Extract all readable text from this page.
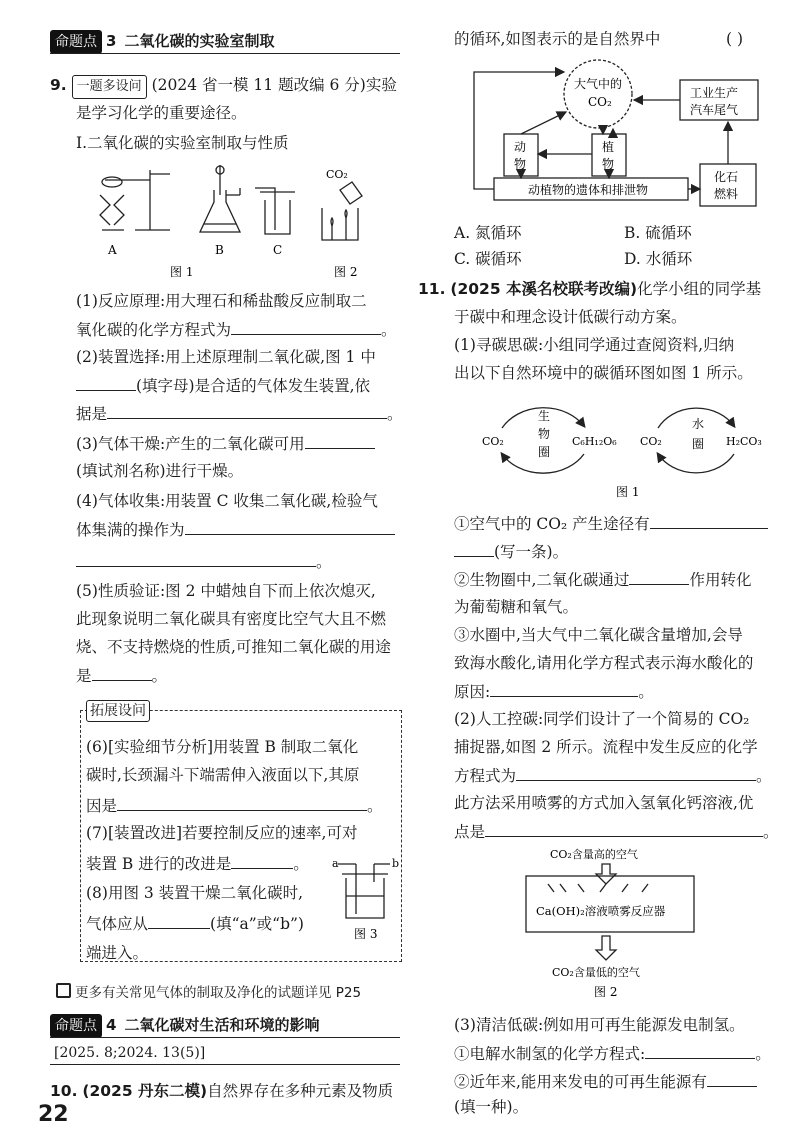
命题点 3 二氧化碳的实验室制取
9. 一题多设问 (2024 省一模 11 题改编 6 分)实验
是学习化学的重要途径。
Ⅰ.二氧化碳的实验室制取与性质
A	B	C
CO₂
图 1	图 2
(1)反应原理:用大理石和稀盐酸反应制取二
氧化碳的化学方程式为	。
(2)装置选择:用上述原理制二氧化碳,图 1 中
(填字母)是合适的气体发生装置,依
据是	。
(3)气体干燥:产生的二氧化碳可用
(填试剂名称)进行干燥。
(4)气体收集:用装置 C 收集二氧化碳,检验气
体集满的操作为
。
(5)性质验证:图 2 中蜡烛自下而上依次熄灭,
此现象说明二氧化碳具有密度比空气大且不燃
烧、不支持燃烧的性质,可推知二氧化碳的用途
是	。
拓展设问
(6)[实验细节分析]用装置 B 制取二氧化
碳时,长颈漏斗下端需伸入液面以下,其原
因是	。
(7)[装置改进]若要控制反应的速率,可对
装置 B 进行的改进是	。
(8)用图 3 装置干燥二氧化碳时,
气体应从	(填“a”或“b”)
端进入。
a	b
图 3
更多有关常见气体的制取及净化的试题详见 P25
命题点 4 二氧化碳对生活和环境的影响
[2025. 8;2024. 13(5)]
10. (2025 丹东二模)自然界存在多种元素及物质
22
的循环,如图表示的是自然界中	( )
大气中的
CO₂
工业生产
汽车尾气
动
物
植
物
动植物的遗体和排泄物
化石
燃料
A. 氮循环	B. 硫循环
C. 碳循环	D. 水循环
11. (2025 本溪名校联考改编)化学小组的同学基
于碳中和理念设计低碳行动方案。
(1)寻碳思碳:小组同学通过查阅资料,归纳
出以下自然环境中的碳循环图如图 1 所示。
CO₂
生
物
圈
C₆H₁₂O₆ CO₂
水
圈 H₂CO₃
图 1
①空气中的 CO₂ 产生途径有
(写一条)。
②生物圈中,二氧化碳通过	作用转化
为葡萄糖和氧气。
③水圈中,当大气中二氧化碳含量增加,会导
致海水酸化,请用化学方程式表示海水酸化的
原因:	。
(2)人工控碳:同学们设计了一个简易的 CO₂
捕捉器,如图 2 所示。流程中发生反应的化学
方程式为	。
此方法采用喷雾的方式加入氢氧化钙溶液,优
点是	。
CO₂含量高的空气
Ca(OH)₂溶液喷雾反应器
CO₂含量低的空气
图 2
(3)清洁低碳:例如用可再生能源发电制氢。
①电解水制氢的化学方程式:	。
②近年来,能用来发电的可再生能源有
(填一种)。
